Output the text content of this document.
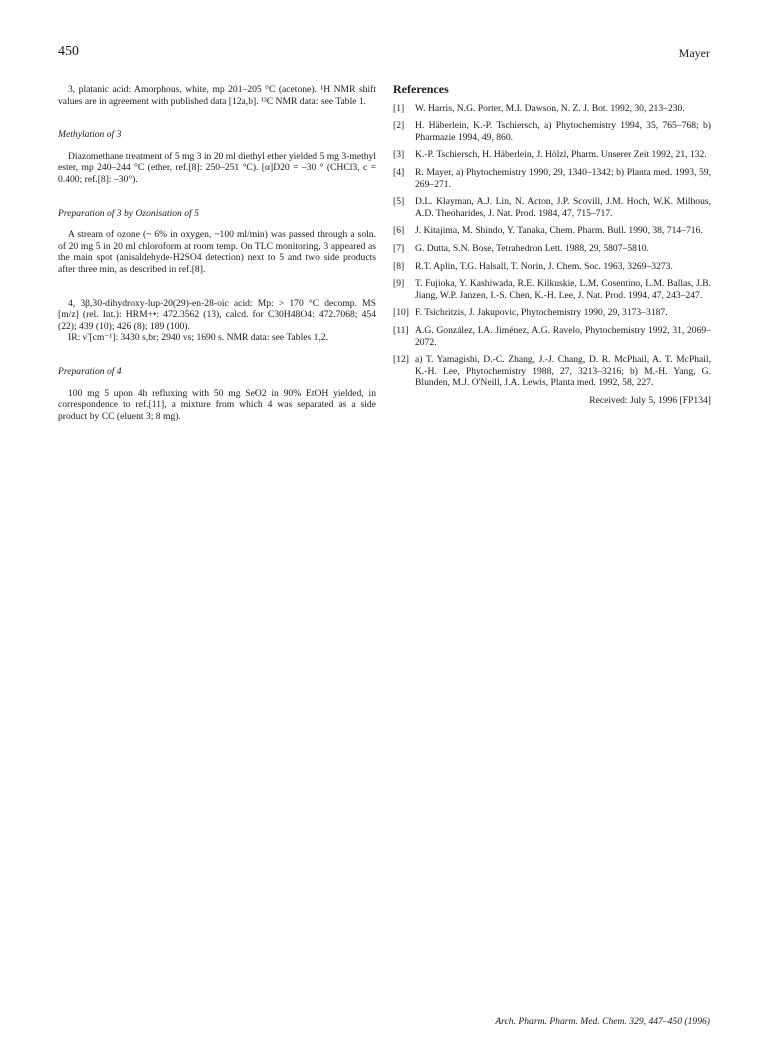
450	Mayer

3, platanic acid: Amorphous, white, mp 201–205 °C (acetone). ¹H NMR shift values are in agreement with published data [12a,b]. ¹³C NMR data: see Table 1.

Methylation of 3

Diazomethane treatment of 5 mg 3 in 20 ml diethyl ether yielded 5 mg 3-methyl ester, mp 240–244 °C (ether, ref.[8]: 250–251 °C). [α]D20 = –30 ° (CHCl3, c = 0.400; ref.[8]: –30°).

Preparation of 3 by Ozonisation of 5

A stream of ozone (~ 6% in oxygen, ~100 ml/min) was passed through a soln. of 20 mg 5 in 20 ml chloroform at room temp. On TLC monitoring, 3 appeared as the main spot (anisaldehyde-H2SO4 detection) next to 5 and two side products after three min, as described in ref.[8].

4, 3β,30-dihydroxy-lup-20(29)-en-28-oic acid: Mp: > 170 °C decomp. MS [m/z] (rel. Int.): HRM+•: 472.3562 (13), calcd. for C30H48O4: 472.7068; 454 (22); 439 (10); 426 (8); 189 (100).

IR: ν̃ [cm⁻¹]: 3430 s,br; 2940 vs; 1690 s. NMR data: see Tables 1,2.

Preparation of 4

100 mg 5 upon 4h refluxing with 50 mg SeO2 in 90% EtOH yielded, in correspondence to ref.[11], a mixture from which 4 was separated as a side product by CC (eluent 3; 8 mg).

References

[1]	W. Harris, N.G. Porter, M.I. Dawson, N. Z. J. Bot. 1992, 30, 213–230.
[2]	H. Häberlein, K.-P. Tschiersch, a) Phytochemistry 1994, 35, 765–768; b) Pharmazie 1994, 49, 860.
[3]	K.-P. Tschiersch, H. Häberlein, J. Hölzl, Pharm. Unserer Zeit 1992, 21, 132.
[4]	R. Mayer, a) Phytochemistry 1990, 29, 1340–1342; b) Planta med. 1993, 59, 269–271.
[5]	D.L. Klayman, A.J. Lin, N. Acton, J.P. Scovill, J.M. Hoch, W.K. Milhous, A.D. Theoharides, J. Nat. Prod. 1984, 47, 715–717.
[6]	J. Kitajima, M. Shindo, Y. Tanaka, Chem. Pharm. Bull. 1990, 38, 714–716.
[7]	G. Dutta, S.N. Bose, Tetrahedron Lett. 1988, 29, 5807–5810.
[8]	R.T. Aplin, T.G. Halsall, T. Norin, J. Chem. Soc. 1963, 3269–3273.
[9]	T. Fujioka, Y. Kashiwada, R.E. Kilkuskie, L.M. Cosentino, L.M. Ballas, J.B. Jiang, W.P. Janzen, I.-S. Chen, K.-H. Lee, J. Nat. Prod. 1994, 47, 243–247.
[10] F. Tsichritzis, J. Jakupovic, Phytochemistry 1990, 29, 3173–3187.
[11] A.G. González, I.A. Jiménez, A.G. Ravelo, Phytochemistry 1992, 31, 2069–2072.
[12] a) T. Yamagishi, D.-C. Zhang, J.-J. Chang, D. R. McPhail, A. T. McPhail, K.-H. Lee, Phytochemistry 1988, 27, 3213–3216; b) M.-H. Yang, G. Blunden, M.J. O'Neill, J.A. Lewis, Planta med. 1992, 58, 227.

Received: July 5, 1996 [FP134]

Arch. Pharm. Pharm. Med. Chem. 329, 447–450 (1996)
